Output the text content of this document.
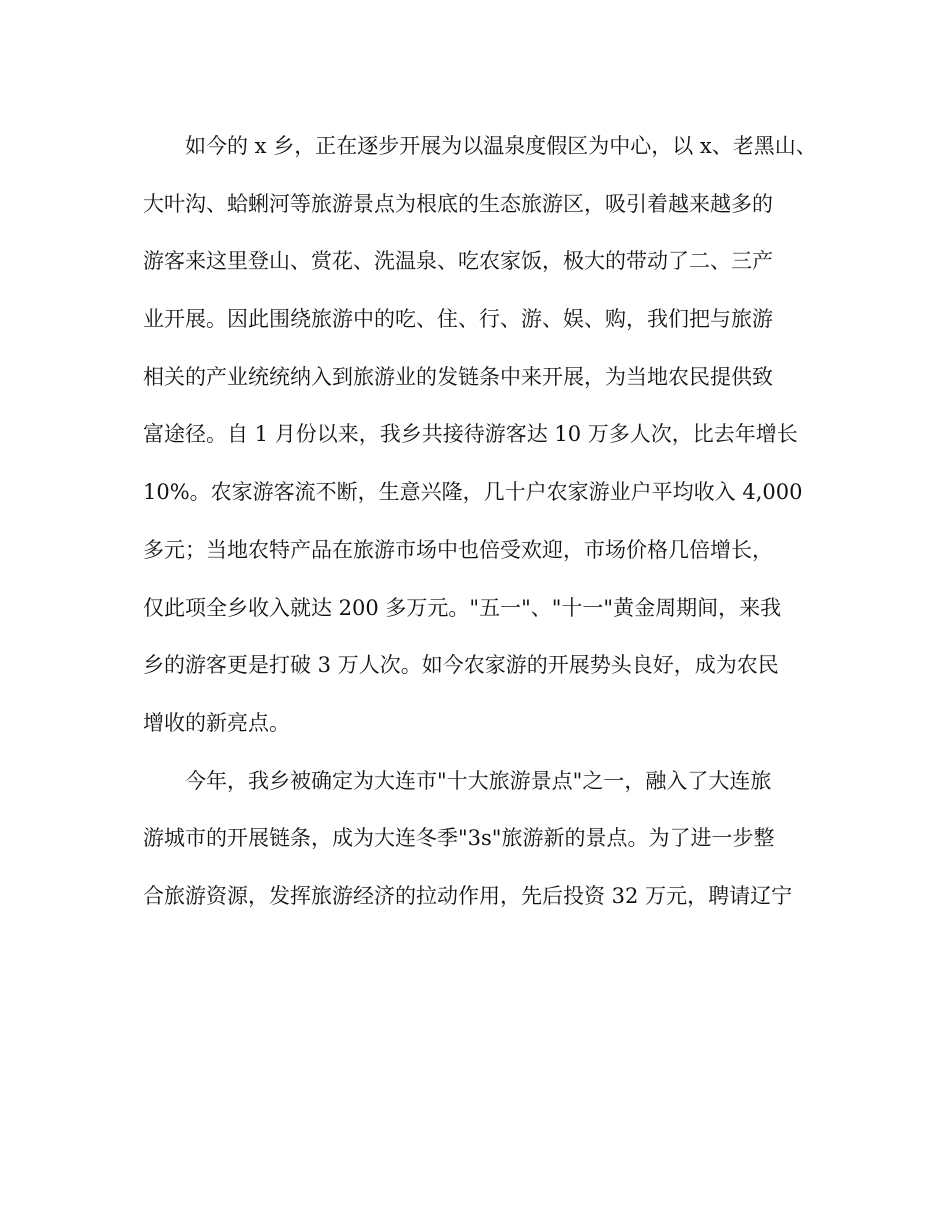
如今的 x 乡，正在逐步开展为以温泉度假区为中心，以 x、老黑山、
大叶沟、蛤蜊河等旅游景点为根底的生态旅游区，吸引着越来越多的
游客来这里登山、赏花、洗温泉、吃农家饭，极大的带动了二、三产
业开展。因此围绕旅游中的吃、住、行、游、娱、购，我们把与旅游
相关的产业统统纳入到旅游业的发链条中来开展，为当地农民提供致
富途径。自 1 月份以来，我乡共接待游客达 10 万多人次，比去年增长
10%。农家游客流不断，生意兴隆，几十户农家游业户平均收入 4,000
多元；当地农特产品在旅游市场中也倍受欢迎，市场价格几倍增长，
仅此项全乡收入就达 200 多万元。"五一"、"十一"黄金周期间，来我
乡的游客更是打破 3 万人次。如今农家游的开展势头良好，成为农民
增收的新亮点。
今年，我乡被确定为大连市"十大旅游景点"之一，融入了大连旅
游城市的开展链条，成为大连冬季"3s"旅游新的景点。为了进一步整
合旅游资源，发挥旅游经济的拉动作用，先后投资 32 万元，聘请辽宁
